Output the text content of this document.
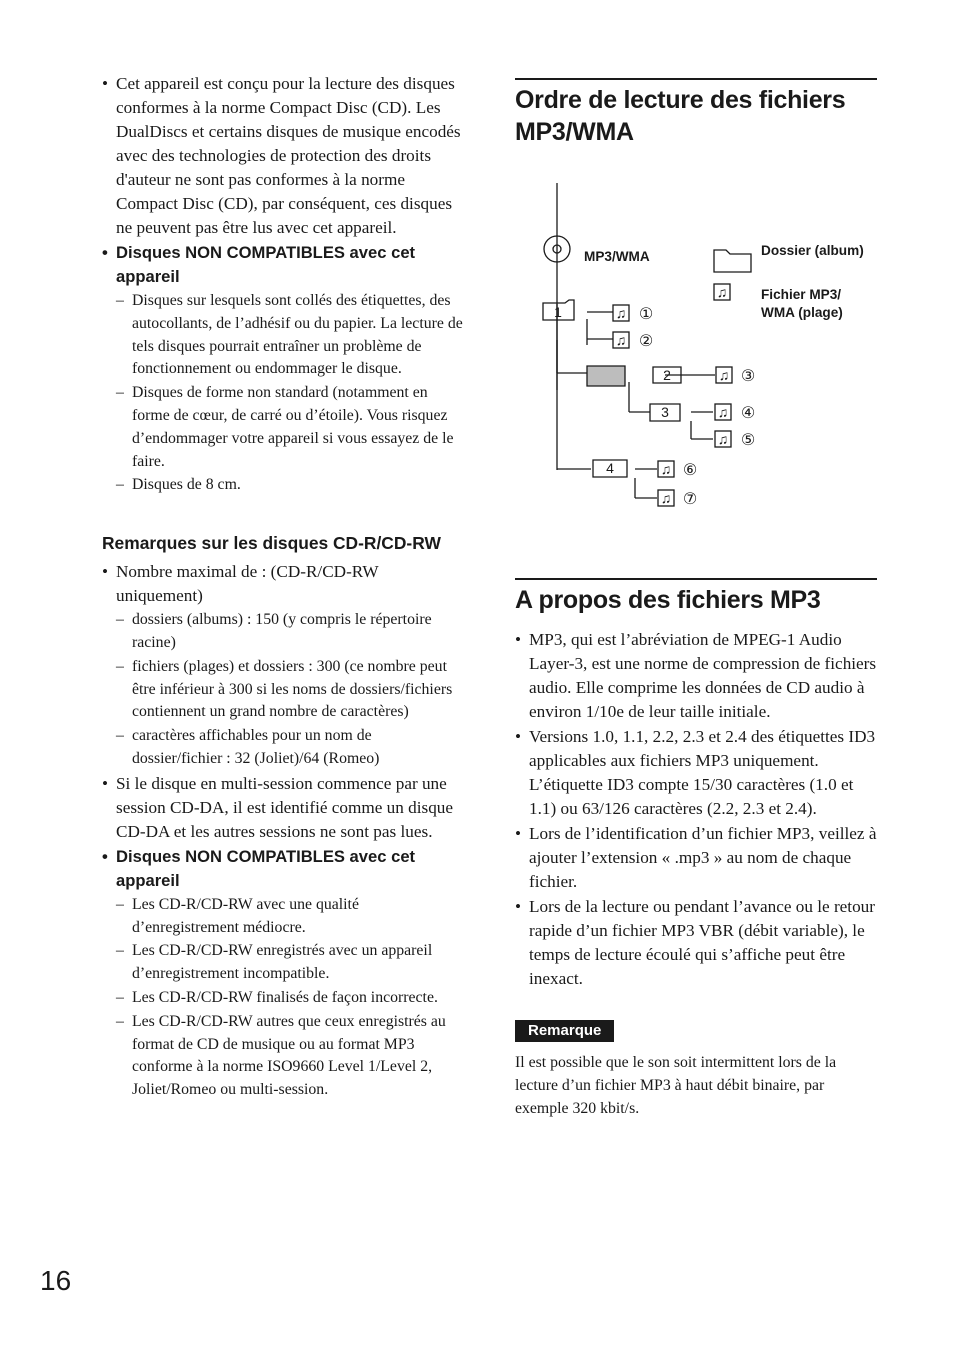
• Cet appareil est conçu pour la lecture des disques conformes à la norme Compact Disc (CD). Les DualDiscs et certains disques de musique encodés avec des technologies de protection des droits d'auteur ne sont pas conformes à la norme Compact Disc (CD), par conséquent, ces disques ne peuvent pas être lus avec cet appareil.
• Disques NON COMPATIBLES avec cet appareil
– Disques sur lesquels sont collés des étiquettes, des autocollants, de l’adhésif ou du papier. La lecture de tels disques pourrait entraîner un problème de fonctionnement ou endommager le disque.
– Disques de forme non standard (notamment en forme de cœur, de carré ou d’étoile). Vous risquez d’endommager votre appareil si vous essayez de le faire.
– Disques de 8 cm.
Remarques sur les disques CD-R/CD-RW
• Nombre maximal de : (CD-R/CD-RW uniquement)
– dossiers (albums) : 150 (y compris le répertoire racine)
– fichiers (plages) et dossiers : 300 (ce nombre peut être inférieur à 300 si les noms de dossiers/fichiers contiennent un grand nombre de caractères)
– caractères affichables pour un nom de dossier/fichier : 32 (Joliet)/64 (Romeo)
• Si le disque en multi-session commence par une session CD-DA, il est identifié comme un disque CD-DA et les autres sessions ne sont pas lues.
• Disques NON COMPATIBLES avec cet appareil
– Les CD-R/CD-RW avec une qualité d’enregistrement médiocre.
– Les CD-R/CD-RW enregistrés avec un appareil d’enregistrement incompatible.
– Les CD-R/CD-RW finalisés de façon incorrecte.
– Les CD-R/CD-RW autres que ceux enregistrés au format de CD de musique ou au format MP3 conforme à la norme ISO9660 Level 1/Level 2, Joliet/Romeo ou multi-session.
Ordre de lecture des fichiers MP3/WMA
1
2
3
4
♫
♫
♫
♫
♫
♫
♫
♫
①
②
③
④
⑤
⑥
⑦
MP3/WMA	Dossier (album)
Fichier MP3/ WMA (plage)
A propos des fichiers MP3
• MP3, qui est l’abréviation de MPEG-1 Audio Layer-3, est une norme de compression de fichiers audio. Elle comprime les données de CD audio à environ 1/10e de leur taille initiale.
• Versions 1.0, 1.1, 2.2, 2.3 et 2.4 des étiquettes ID3 applicables aux fichiers MP3 uniquement. L’étiquette ID3 compte 15/30 caractères (1.0 et 1.1) ou 63/126 caractères (2.2, 2.3 et 2.4).
• Lors de l’identification d’un fichier MP3, veillez à ajouter l’extension « .mp3 » au nom de chaque fichier.
• Lors de la lecture ou pendant l’avance ou le retour rapide d’un fichier MP3 VBR (débit variable), le temps de lecture écoulé qui s’affiche peut être inexact.
Remarque
Il est possible que le son soit intermittent lors de la lecture d’un fichier MP3 à haut débit binaire, par exemple 320 kbit/s.
16
